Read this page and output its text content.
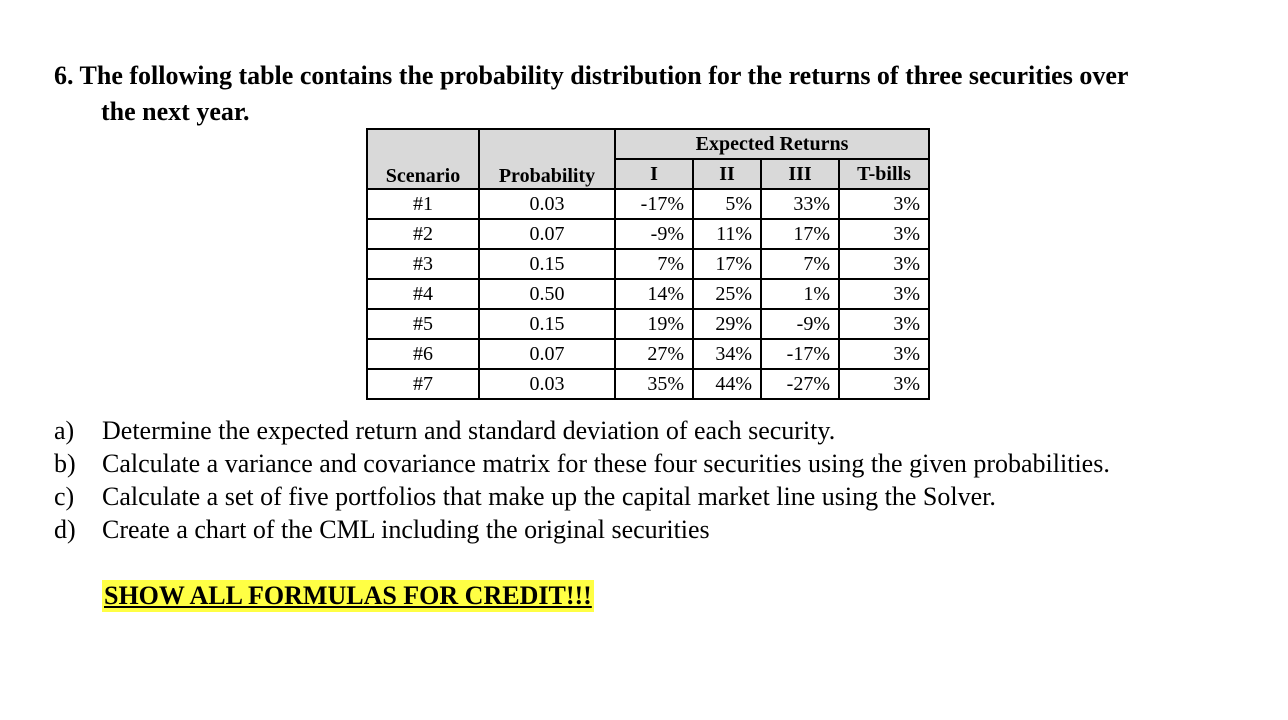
6. The following table contains the probability distribution for the returns of three securities over
the next year.
Scenario	Probability	Expected Returns			
		I	II	III	T-bills
#1	0.03	-17%	5%	33%	3%
#2	0.07	-9%	11%	17%	3%
#3	0.15	7%	17%	7%	3%
#4	0.50	14%	25%	1%	3%
#5	0.15	19%	29%	-9%	3%
#6	0.07	27%	34%	-17%	3%
#7	0.03	35%	44%	-27%	3%
a)	Determine the expected return and standard deviation of each security.
b)	Calculate a variance and covariance matrix for these four securities using the given probabilities.
c)	Calculate a set of five portfolios that make up the capital market line using the Solver.
d)	Create a chart of the CML including the original securities
SHOW ALL FORMULAS FOR CREDIT!!!
